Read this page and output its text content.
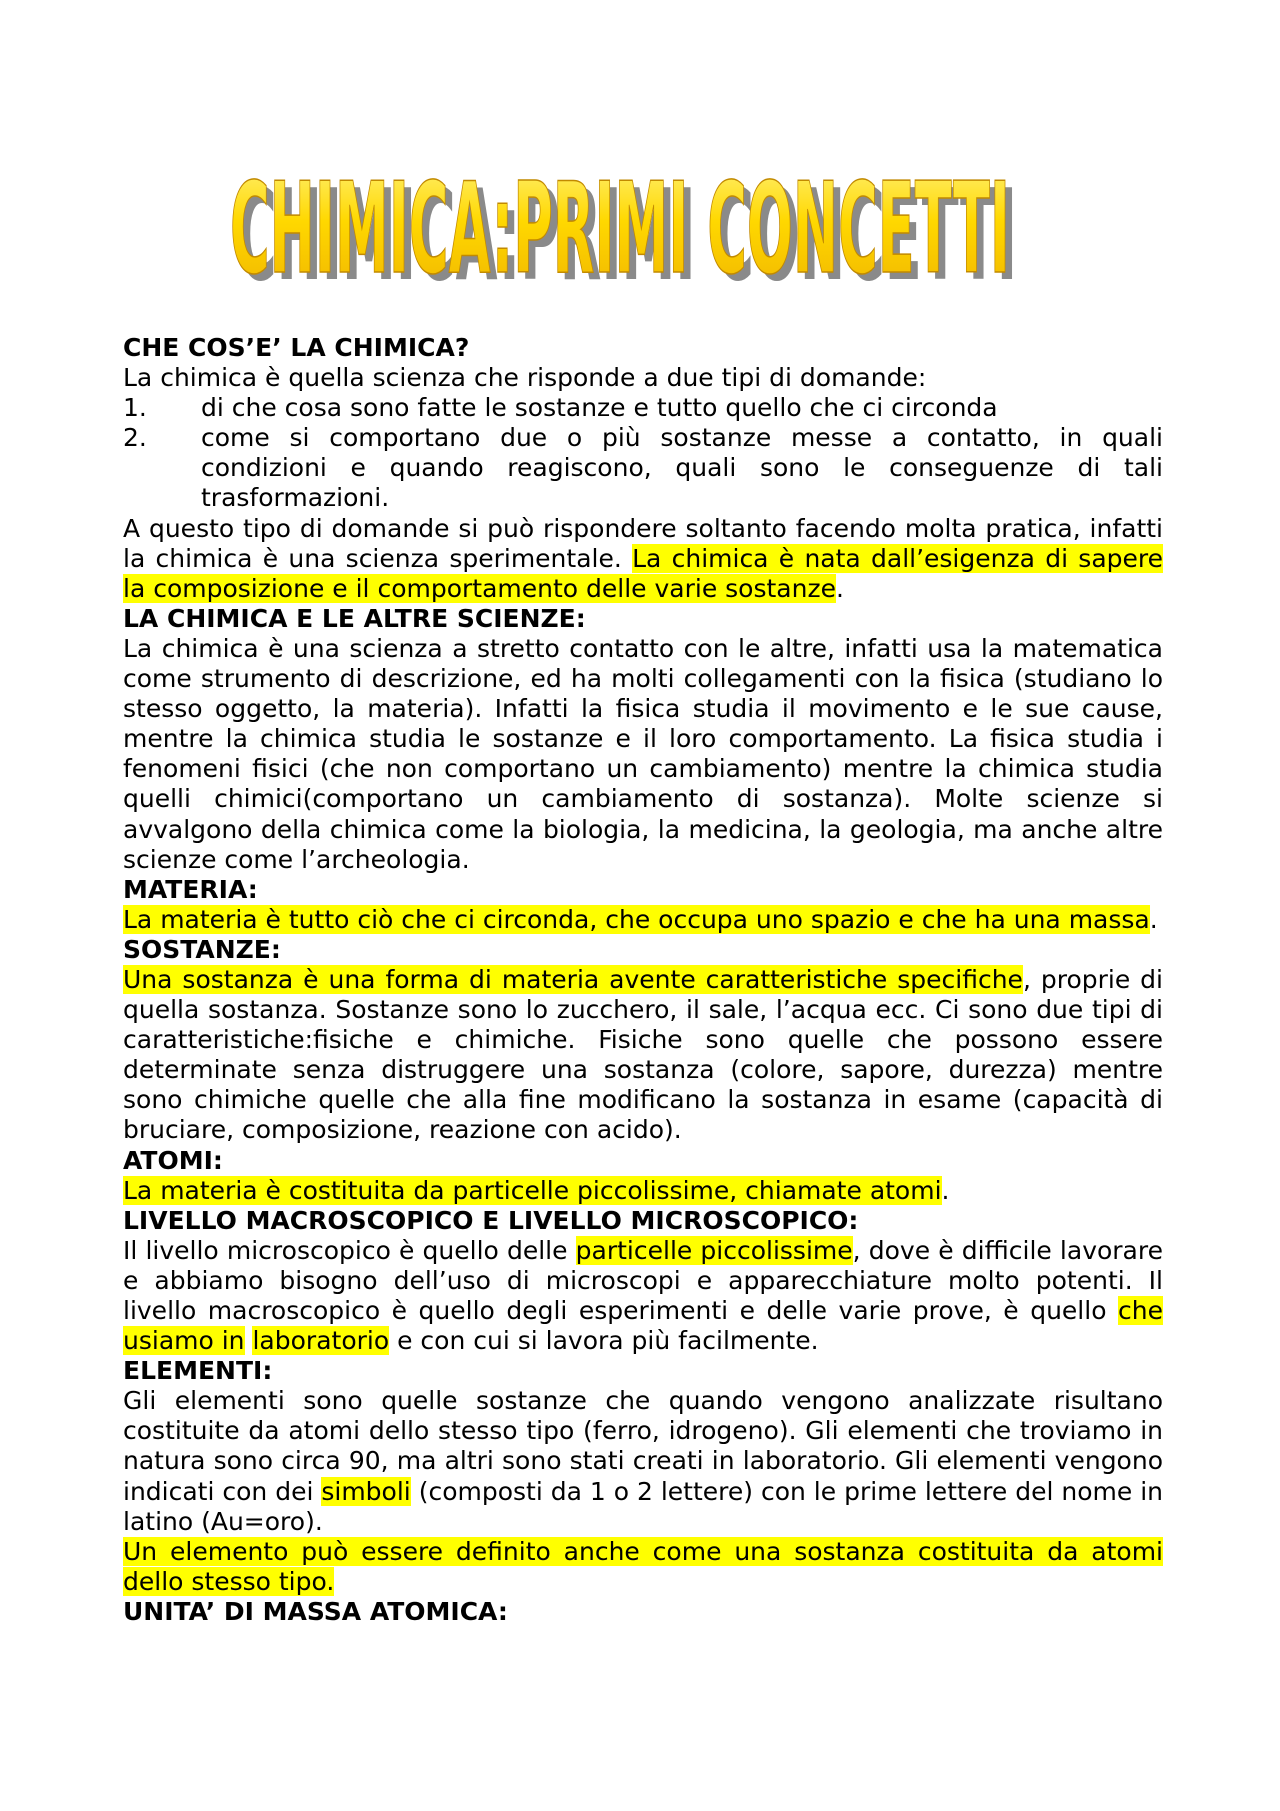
CHIMICA:PRIMI CONCETTI
CHIMICA:PRIMI CONCETTI

CHE COS’E’ LA CHIMICA?

La chimica è quella scienza che risponde a due tipi di domande:

1.	di che cosa sono fatte le sostanze e tutto quello che ci circonda
2.	come si comportano due o più sostanze messe a contatto, in quali condizioni e quando reagiscono, quali sono le conseguenze di tali trasformazioni.

A questo tipo di domande si può rispondere soltanto facendo molta pratica, infatti la chimica è una scienza sperimentale. La chimica è nata dall’esigenza di sapere la composizione e il comportamento delle varie sostanze.

LA CHIMICA E LE ALTRE SCIENZE:

La chimica è una scienza a stretto contatto con le altre, infatti usa la matematica come strumento di descrizione, ed ha molti collegamenti con la fisica (studiano lo stesso oggetto, la materia). Infatti la fisica studia il movimento e le sue cause, mentre la chimica studia le sostanze e il loro comportamento. La fisica studia i fenomeni fisici (che non comportano un cambiamento) mentre la chimica studia quelli chimici(comportano un cambiamento di sostanza). Molte scienze si avvalgono della chimica come la biologia, la medicina, la geologia, ma anche altre scienze come l’archeologia.

MATERIA:

La materia è tutto ciò che ci circonda, che occupa uno spazio e che ha una massa.

SOSTANZE:

Una sostanza è una forma di materia avente caratteristiche specifiche, proprie di quella sostanza. Sostanze sono lo zucchero, il sale, l’acqua ecc. Ci sono due tipi di caratteristiche:fisiche e chimiche. Fisiche sono quelle che possono essere determinate senza distruggere una sostanza (colore, sapore, durezza) mentre sono chimiche quelle che alla fine modificano la sostanza in esame (capacità di bruciare, composizione, reazione con acido).

ATOMI:

La materia è costituita da particelle piccolissime, chiamate atomi.

LIVELLO MACROSCOPICO E LIVELLO MICROSCOPICO:

Il livello microscopico è quello delle particelle piccolissime, dove è difficile lavorare e abbiamo bisogno dell’uso di microscopi e apparecchiature molto potenti. Il livello macroscopico è quello degli esperimenti e delle varie prove, è quello che usiamo in laboratorio e con cui si lavora più facilmente.

ELEMENTI:

Gli elementi sono quelle sostanze che quando vengono analizzate risultano costituite da atomi dello stesso tipo (ferro, idrogeno). Gli elementi che troviamo in natura sono circa 90, ma altri sono stati creati in laboratorio. Gli elementi vengono indicati con dei simboli (composti da 1 o 2 lettere) con le prime lettere del nome in latino (Au=oro).

Un elemento può essere definito anche come una sostanza costituita da atomi dello stesso tipo.

UNITA’ DI MASSA ATOMICA:
